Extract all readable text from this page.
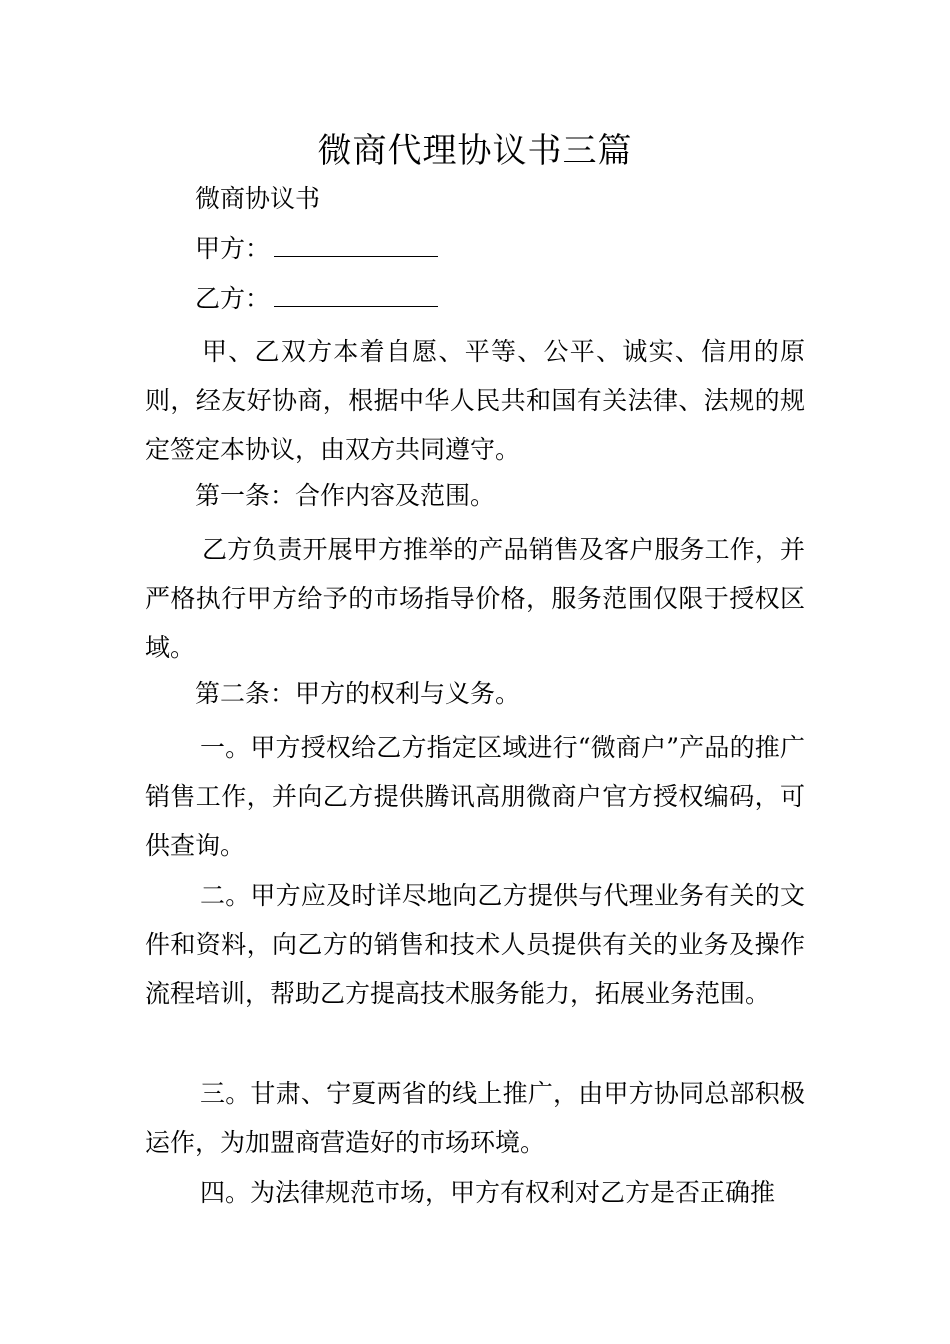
微商代理协议书三篇

微商协议书

甲方：

乙方：

甲、乙双方本着自愿、平等、公平、诚实、信用的原则，经友好协商，根据中华人民共和国有关法律、法规的规定签定本协议，由双方共同遵守。

第一条：合作内容及范围。

乙方负责开展甲方推举的产品销售及客户服务工作，并严格执行甲方给予的市场指导价格，服务范围仅限于授权区域。

第二条：甲方的权利与义务。

一。甲方授权给乙方指定区域进行“微商户”产品的推广销售工作，并向乙方提供腾讯高朋微商户官方授权编码，可供查询。

二。甲方应及时详尽地向乙方提供与代理业务有关的文件和资料，向乙方的销售和技术人员提供有关的业务及操作流程培训，帮助乙方提高技术服务能力，拓展业务范围。

三。甘肃、宁夏两省的线上推广，由甲方协同总部积极运作，为加盟商营造好的市场环境。

四。为法律规范市场，甲方有权利对乙方是否正确推
